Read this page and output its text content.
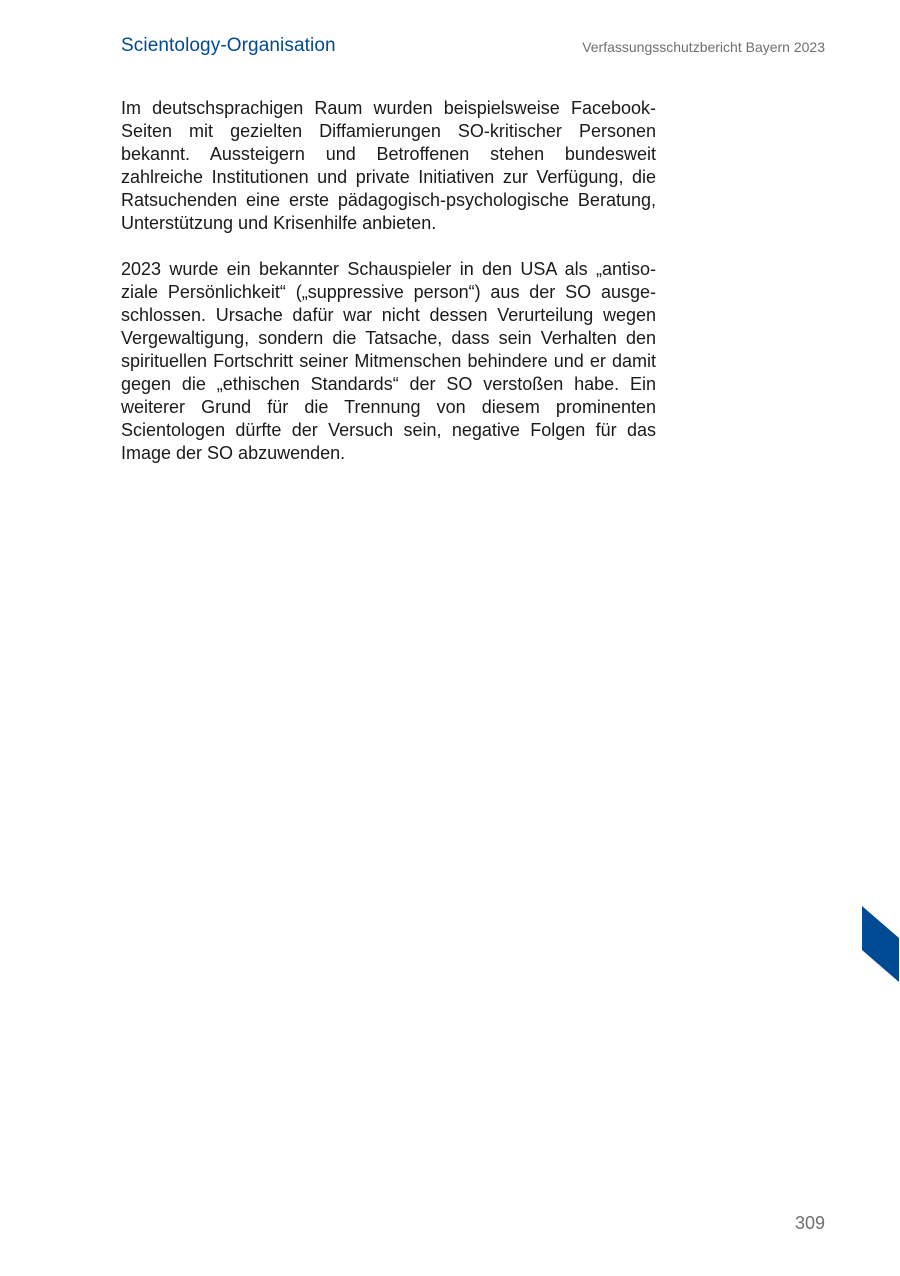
Scientology-Organisation	Verfassungsschutzbericht Bayern 2023

Im deutschsprachigen Raum wurden beispielsweise Facebook-Seiten mit gezielten Diffamierungen SO-kritischer Personen bekannt. Aussteigern und Betroffenen stehen bundesweit zahlreiche Institutionen und private Initiativen zur Verfügung, die Ratsuchenden eine erste pädagogisch-psychologische Beratung, Unterstützung und Krisenhilfe anbieten.

2023 wurde ein bekannter Schauspieler in den USA als „antisoziale Persönlichkeit“ („suppressive person“) aus der SO ausgeschlossen. Ursache dafür war nicht dessen Verurteilung wegen Vergewaltigung, sondern die Tatsache, dass sein Verhalten den spirituellen Fortschritt seiner Mitmenschen behindere und er damit gegen die „ethischen Standards“ der SO verstoßen habe. Ein weiterer Grund für die Trennung von diesem prominenten Scientologen dürfte der Versuch sein, negative Folgen für das Image der SO abzuwenden.

309
